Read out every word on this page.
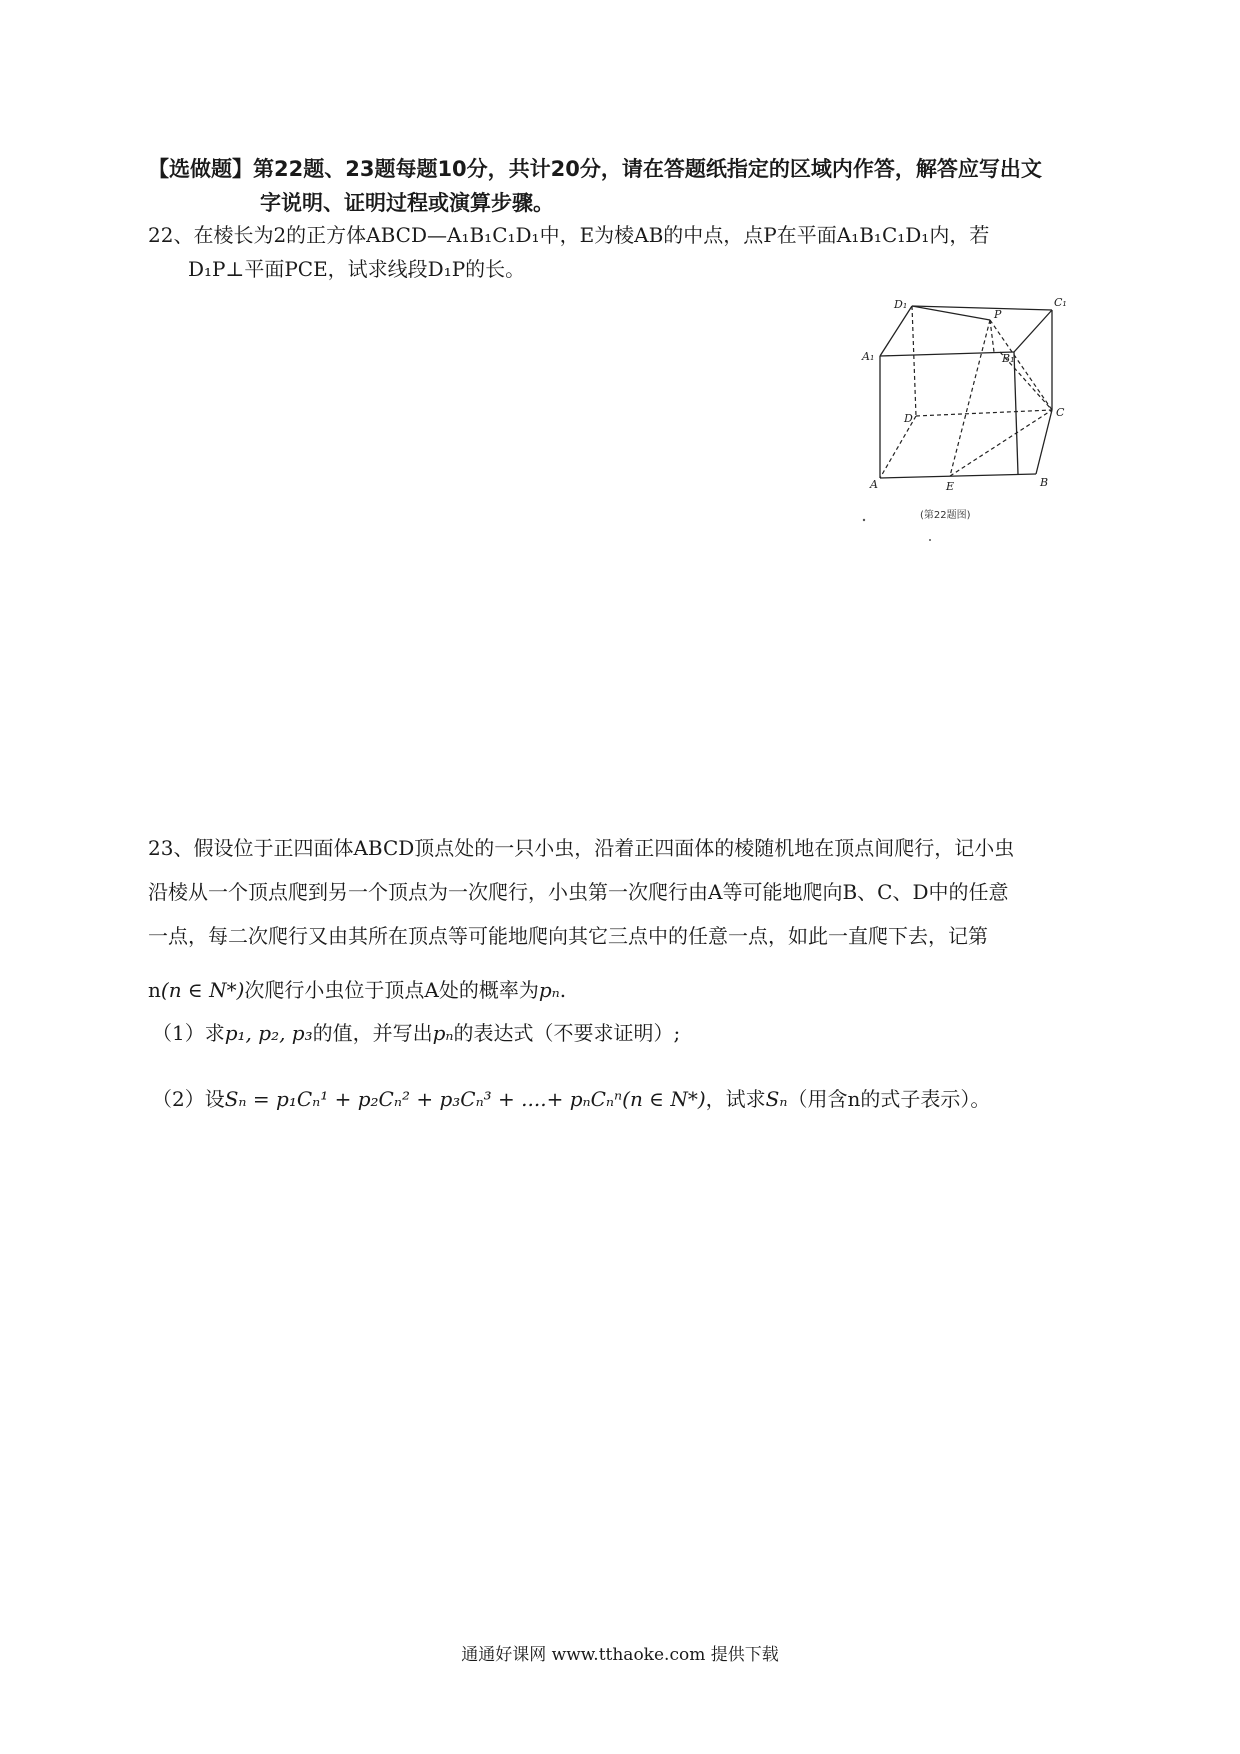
【选做题】第22题、23题每题10分，共计20分，请在答题纸指定的区域内作答，解答应写出文
字说明、证明过程或演算步骤。
22、在棱长为2的正方体ABCD—A₁B₁C₁D₁中，E为棱AB的中点，点P在平面A₁B₁C₁D₁内，若
D₁P⊥平面PCE，试求线段D₁P的长。
D₁	C₁
P
A₁	B₁
D	C
A	E	B
(第22题图)
23、假设位于正四面体ABCD顶点处的一只小虫，沿着正四面体的棱随机地在顶点间爬行，记小虫
沿棱从一个顶点爬到另一个顶点为一次爬行，小虫第一次爬行由A等可能地爬向B、C、D中的任意
一点，每二次爬行又由其所在顶点等可能地爬向其它三点中的任意一点，如此一直爬下去，记第
n(n ∈ N*)次爬行小虫位于顶点A处的概率为pₙ.
（1）求p₁, p₂, p₃的值，并写出pₙ的表达式（不要求证明）;
（2）设Sₙ = p₁Cₙ¹ + p₂Cₙ² + p₃Cₙ³ + ....+ pₙCₙⁿ(n ∈ N*)，试求Sₙ（用含n的式子表示）。
通通好课网 www.tthaoke.com 提供下载
